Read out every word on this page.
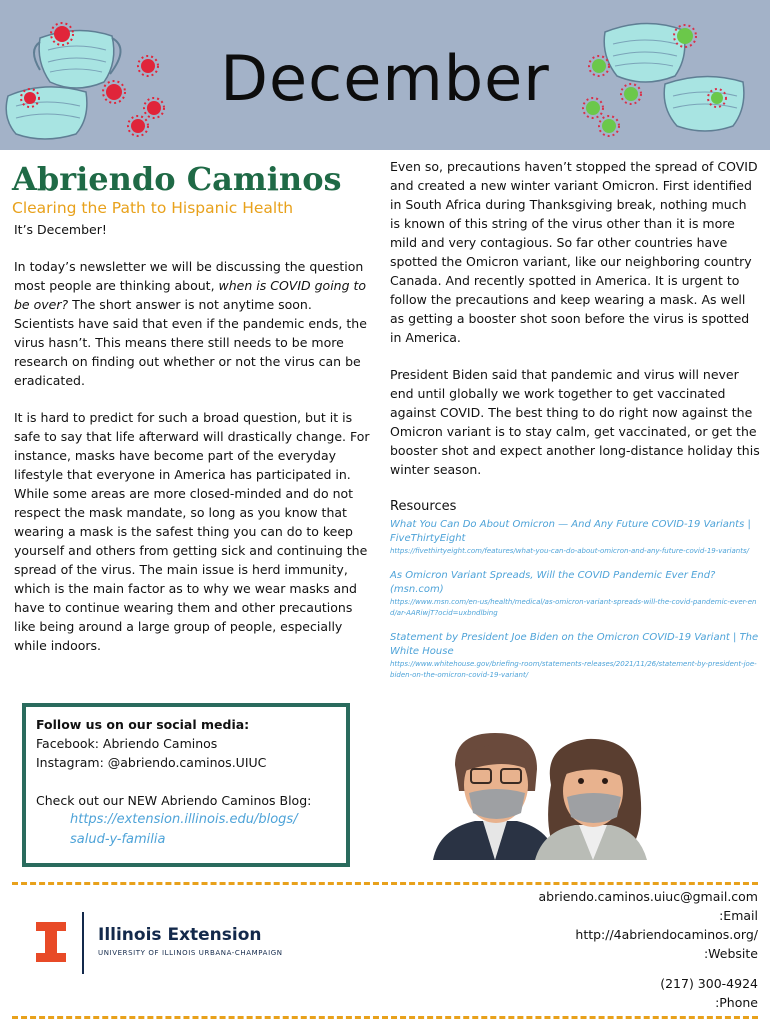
December
Abriendo Caminos
Clearing the Path to Hispanic Health

It’s December!

In today’s newsletter we will be discussing the question most people are thinking about, when is COVID going to be over? The short answer is not anytime soon. Scientists have said that even if the pandemic ends, the virus hasn’t. This means there still needs to be more research on finding out whether or not the virus can be eradicated.

It is hard to predict for such a broad question, but it is safe to say that life afterward will drastically change. For instance, masks have become part of the everyday lifestyle that everyone in America has participated in. While some areas are more closed-minded and do not respect the mask mandate, so long as you know that wearing a mask is the safest thing you can do to keep yourself and others from getting sick and continuing the spread of the virus. The main issue is herd immunity, which is the main factor as to why we wear masks and have to continue wearing them and other precautions like being around a large group of people, especially while indoors.

Even so, precautions haven’t stopped the spread of COVID and created a new winter variant Omicron. First identified in South Africa during Thanksgiving break, nothing much is known of this string of the virus other than it is more mild and very contagious. So far other countries have spotted the Omicron variant, like our neighboring country Canada. And recently spotted in America. It is urgent to follow the precautions and keep wearing a mask. As well as getting a booster shot soon before the virus is spotted in America.

President Biden said that pandemic and virus will never end until globally we work together to get vaccinated against COVID. The best thing to do right now against the Omicron variant is to stay calm, get vaccinated, or get the booster shot and expect another long-distance holiday this winter season.

Resources
What You Can Do About Omicron — And Any Future COVID-19 Variants | FiveThirtyEight
https://fivethirtyeight.com/features/what-you-can-do-about-omicron-and-any-future-covid-19-variants/
As Omicron Variant Spreads, Will the COVID Pandemic Ever End? (msn.com)
https://www.msn.com/en-us/health/medical/as-omicron-variant-spreads-will-the-covid-pandemic-ever-end/ar-AARiwjT?ocid=uxbndlbing
Statement by President Joe Biden on the Omicron COVID-19 Variant | The White House
https://www.whitehouse.gov/briefing-room/statements-releases/2021/11/26/statement-by-president-joe-biden-on-the-omicron-covid-19-variant/
Follow us on our social media:
Facebook: Abriendo Caminos
Instagram: @abriendo.caminos.UIUC
Check out our NEW Abriendo Caminos Blog:
https://extension.illinois.edu/blogs/
salud-y-familia
Illinois Extension
UNIVERSITY OF ILLINOIS URBANA-CHAMPAIGN
abriendo.caminos.uiuc@gmail.com
:Email
http://4abriendocaminos.org/
:Website
(217) 300-4924
:Phone
